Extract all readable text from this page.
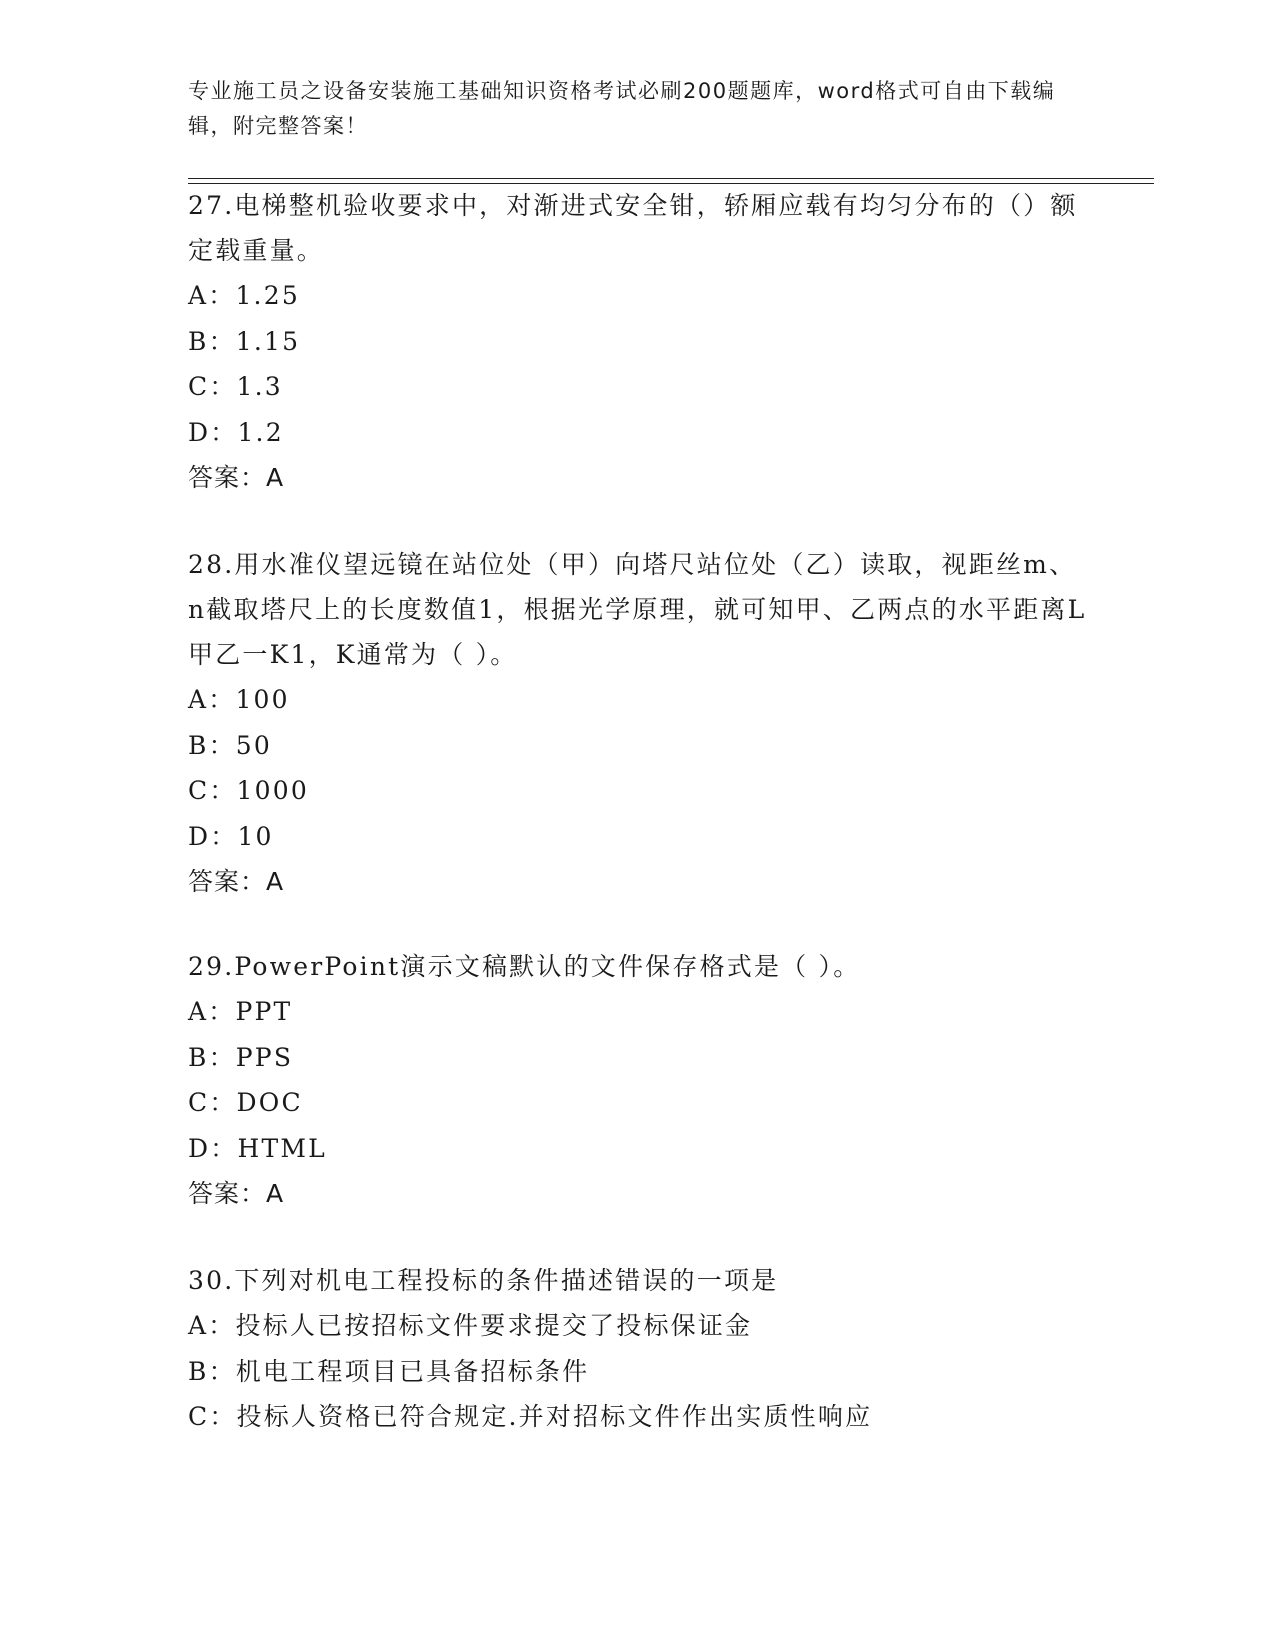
专业施工员之设备安装施工基础知识资格考试必刷200题题库，word格式可自由下载编辑，附完整答案！
27.电梯整机验收要求中，对渐进式安全钳，轿厢应载有均匀分布的（）额定载重量。
A：1.25
B：1.15
C：1.3
D：1.2
答案：A
28.用水准仪望远镜在站位处（甲）向塔尺站位处（乙）读取，视距丝m、n截取塔尺上的长度数值1，根据光学原理，就可知甲、乙两点的水平距离L甲乙一K1，K通常为（ ）。
A：100
B：50
C：1000
D：10
答案：A
29.PowerPoint演示文稿默认的文件保存格式是（ ）。
A：PPT
B：PPS
C：DOC
D：HTML
答案：A
30.下列对机电工程投标的条件描述错误的一项是
A：投标人已按招标文件要求提交了投标保证金
B：机电工程项目已具备招标条件
C：投标人资格已符合规定.并对招标文件作出实质性响应
